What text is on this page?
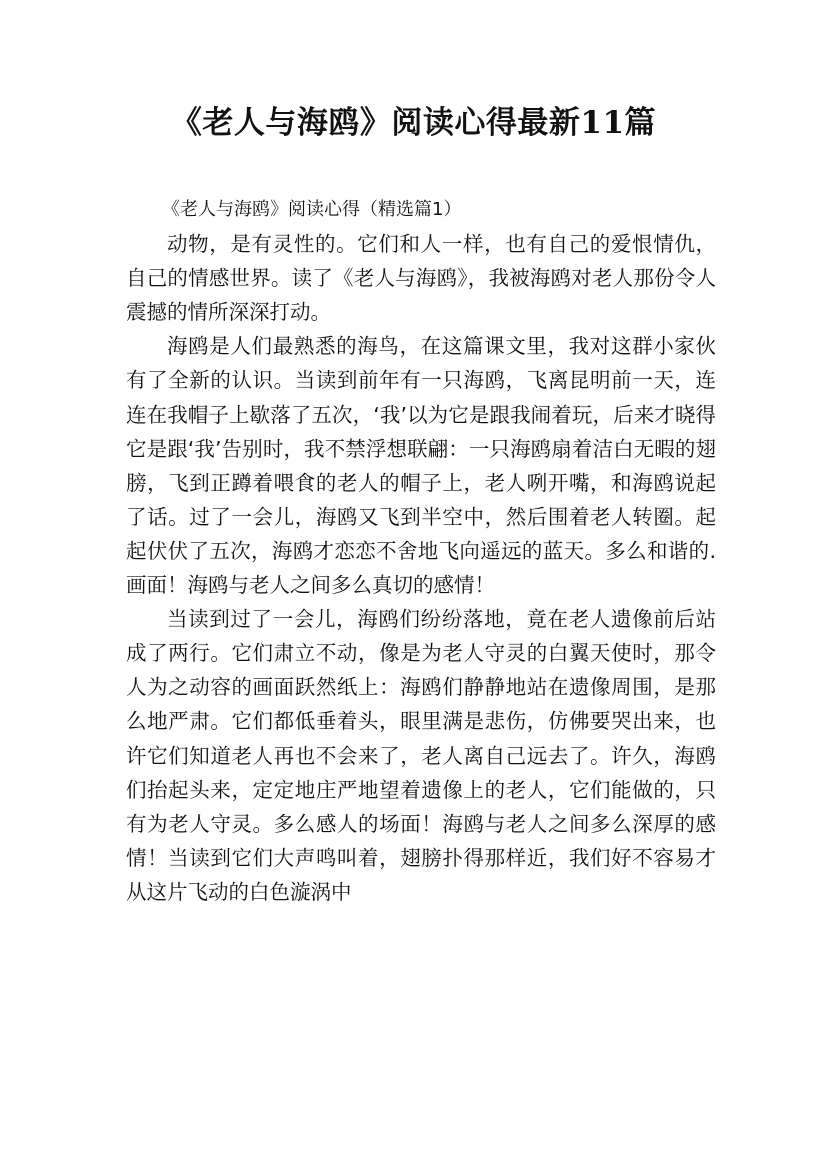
《老人与海鸥》阅读心得最新11篇

《老人与海鸥》阅读心得（精选篇1）

动物，是有灵性的。它们和人一样，也有自己的爱恨情仇，自己的情感世界。读了《老人与海鸥》，我被海鸥对老人那份令人震撼的情所深深打动。

海鸥是人们最熟悉的海鸟，在这篇课文里，我对这群小家伙有了全新的认识。当读到前年有一只海鸥，飞离昆明前一天，连连在我帽子上歇落了五次，‘我’以为它是跟我闹着玩，后来才晓得它是跟‘我’告别时，我不禁浮想联翩：一只海鸥扇着洁白无暇的翅膀，飞到正蹲着喂食的老人的帽子上，老人咧开嘴，和海鸥说起了话。过了一会儿，海鸥又飞到半空中，然后围着老人转圈。起起伏伏了五次，海鸥才恋恋不舍地飞向遥远的蓝天。多么和谐的.画面！海鸥与老人之间多么真切的感情！

当读到过了一会儿，海鸥们纷纷落地，竟在老人遗像前后站成了两行。它们肃立不动，像是为老人守灵的白翼天使时，那令人为之动容的画面跃然纸上：海鸥们静静地站在遗像周围，是那么地严肃。它们都低垂着头，眼里满是悲伤，仿佛要哭出来，也许它们知道老人再也不会来了，老人离自己远去了。许久，海鸥们抬起头来，定定地庄严地望着遗像上的老人，它们能做的，只有为老人守灵。多么感人的场面！海鸥与老人之间多么深厚的感情！当读到它们大声鸣叫着，翅膀扑得那样近，我们好不容易才从这片飞动的白色漩涡中
